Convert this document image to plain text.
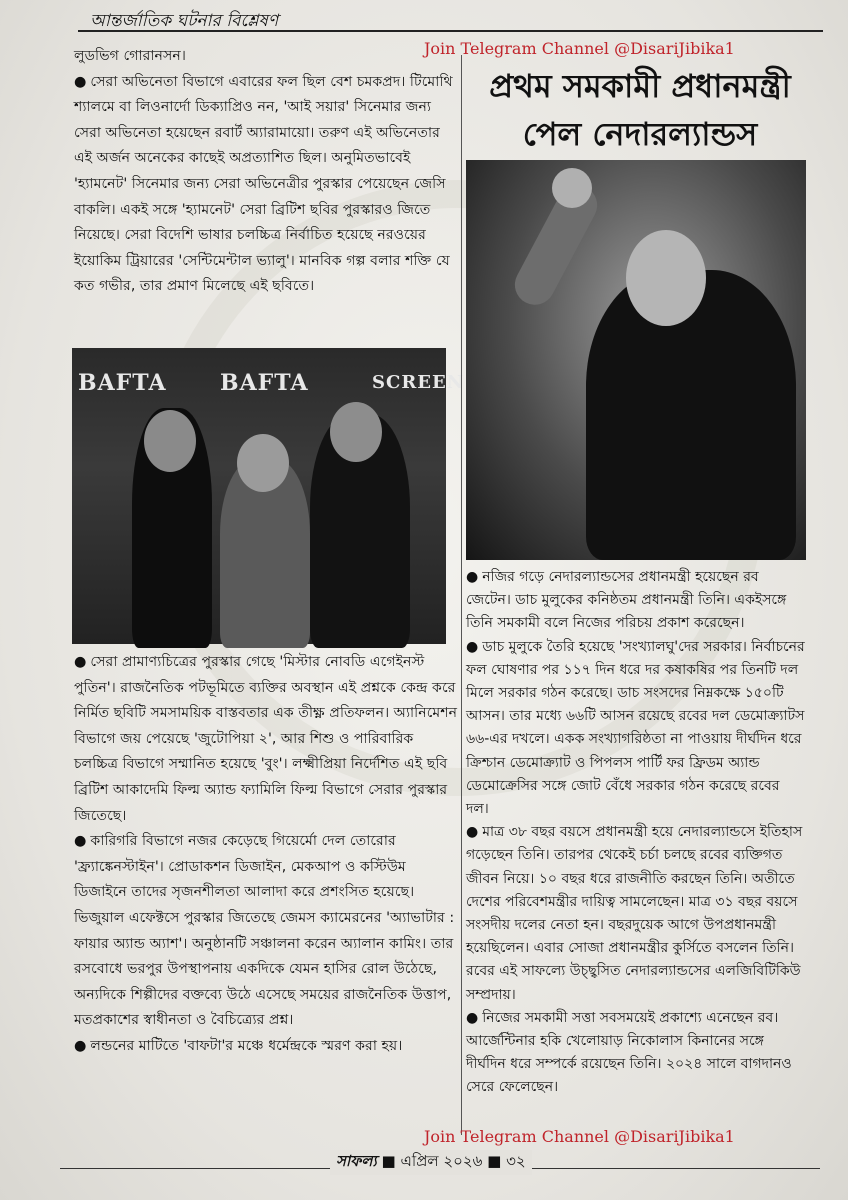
আন্তর্জাতিক ঘটনার বিশ্লেষণ
Join Telegram Channel @DisariJibika1

লুডভিগ গোরানসন।

● সেরা অভিনেতা বিভাগে এবারের ফল ছিল বেশ চমকপ্রদ। টিমোথি শ্যালমে বা লিওনার্দো ডিক্যাপ্রিও নন, 'আই সয়ার' সিনেমার জন্য সেরা অভিনেতা হয়েছেন রবার্ট অ্যারামায়ো। তরুণ এই অভিনেতার এই অর্জন অনেকের কাছেই অপ্রত্যাশিত ছিল। অনুমিতভাবেই 'হ্যামনেট' সিনেমার জন্য সেরা অভিনেত্রীর পুরস্কার পেয়েছেন জেসি বাকলি। একই সঙ্গে 'হ্যামনেট' সেরা ব্রিটিশ ছবির পুরস্কারও জিতে নিয়েছে। সেরা বিদেশি ভাষার চলচ্চিত্র নির্বাচিত হয়েছে নরওয়ের ইয়োকিম ট্রিয়ারের 'সেন্টিমেন্টাল ভ্যালু'। মানবিক গল্প বলার শক্তি যে কত গভীর, তার প্রমাণ মিলেছে এই ছবিতে।

BAFTA BAFTA	SCREEN

● সেরা প্রামাণ্যচিত্রের পুরস্কার গেছে 'মিস্টার নোবডি এগেইনস্ট পুতিন'। রাজনৈতিক পটভূমিতে ব্যক্তির অবস্থান এই প্রশ্নকে কেন্দ্র করে নির্মিত ছবিটি সমসাময়িক বাস্তবতার এক তীক্ষ্ণ প্রতিফলন। অ্যানিমেশন বিভাগে জয় পেয়েছে 'জুটোপিয়া ২', আর শিশু ও পারিবারিক চলচ্চিত্র বিভাগে সম্মানিত হয়েছে 'বুং'। লক্ষ্মীপ্রিয়া নির্দেশিত এই ছবি ব্রিটিশ আকাদেমি ফিল্ম অ্যান্ড ফ্যামিলি ফিল্ম বিভাগে সেরার পুরস্কার জিতেছে।

● কারিগরি বিভাগে নজর কেড়েছে গিয়ের্মো দেল তোরোর 'ফ্র্যাঙ্কেনস্টাইন'। প্রোডাকশন ডিজাইন, মেকআপ ও কস্টিউম ডিজাইনে তাদের সৃজনশীলতা আলাদা করে প্রশংসিত হয়েছে। ভিজুয়াল এফেক্টসে পুরস্কার জিতেছে জেমস ক্যামেরনের 'অ্যাভাটার : ফায়ার অ্যান্ড অ্যাশ'। অনুষ্ঠানটি সঞ্চালনা করেন অ্যালান কামিং। তার রসবোধে ভরপুর উপস্থাপনায় একদিকে যেমন হাসির রোল উঠেছে, অন্যদিকে শিল্পীদের বক্তব্যে উঠে এসেছে সময়ের রাজনৈতিক উত্তাপ, মতপ্রকাশের স্বাধীনতা ও বৈচিত্র্যের প্রশ্ন।

● লন্ডনের মাটিতে 'বাফটা'র মঞ্চে ধর্মেন্দ্রকে স্মরণ করা হয়।

প্রথম সমকামী প্রধানমন্ত্রী পেল নেদারল্যান্ডস

● নজির গড়ে নেদারল্যান্ডসের প্রধানমন্ত্রী হয়েছেন রব জেটেন। ডাচ মুলুকের কনিষ্ঠতম প্রধানমন্ত্রী তিনি। একইসঙ্গে তিনি সমকামী বলে নিজের পরিচয় প্রকাশ করেছেন।

● ডাচ মুলুকে তৈরি হয়েছে 'সংখ্যালঘু'দের সরকার। নির্বাচনের ফল ঘোষণার পর ১১৭ দিন ধরে দর কষাকষির পর তিনটি দল মিলে সরকার গঠন করেছে। ডাচ সংসদের নিম্নকক্ষে ১৫০টি আসন। তার মধ্যে ৬৬টি আসন রয়েছে রবের দল ডেমোক্র্যাটস ৬৬-এর দখলে। একক সংখ্যাগরিষ্ঠতা না পাওয়ায় দীর্ঘদিন ধরে ক্রিশ্চান ডেমোক্র্যাট ও পিপলস পার্টি ফর ফ্রিডম অ্যান্ড ডেমোক্রেসির সঙ্গে জোট বেঁধে সরকার গঠন করেছে রবের দল।

● মাত্র ৩৮ বছর বয়সে প্রধানমন্ত্রী হয়ে নেদারল্যান্ডসে ইতিহাস গড়েছেন তিনি। তারপর থেকেই চর্চা চলছে রবের ব্যক্তিগত জীবন নিয়ে। ১০ বছর ধরে রাজনীতি করছেন তিনি। অতীতে দেশের পরিবেশমন্ত্রীর দায়িত্ব সামলেছেন। মাত্র ৩১ বছর বয়সে সংসদীয় দলের নেতা হন। বছরদুয়েক আগে উপপ্রধানমন্ত্রী হয়েছিলেন। এবার সোজা প্রধানমন্ত্রীর কুর্সিতে বসলেন তিনি। রবের এই সাফল্যে উচ্ছ্বসিত নেদারল্যান্ডসের এলজিবিটিকিউ সম্প্রদায়।

● নিজের সমকামী সত্তা সবসময়েই প্রকাশ্যে এনেছেন রব। আর্জেন্টিনার হকি খেলোয়াড় নিকোলাস কিনানের সঙ্গে দীর্ঘদিন ধরে সম্পর্কে রয়েছেন তিনি। ২০২৪ সালে বাগদানও সেরে ফেলেছেন।

Join Telegram Channel @DisariJibika1
সাফল্য ■ এপ্রিল ২০২৬ ■ ৩২
